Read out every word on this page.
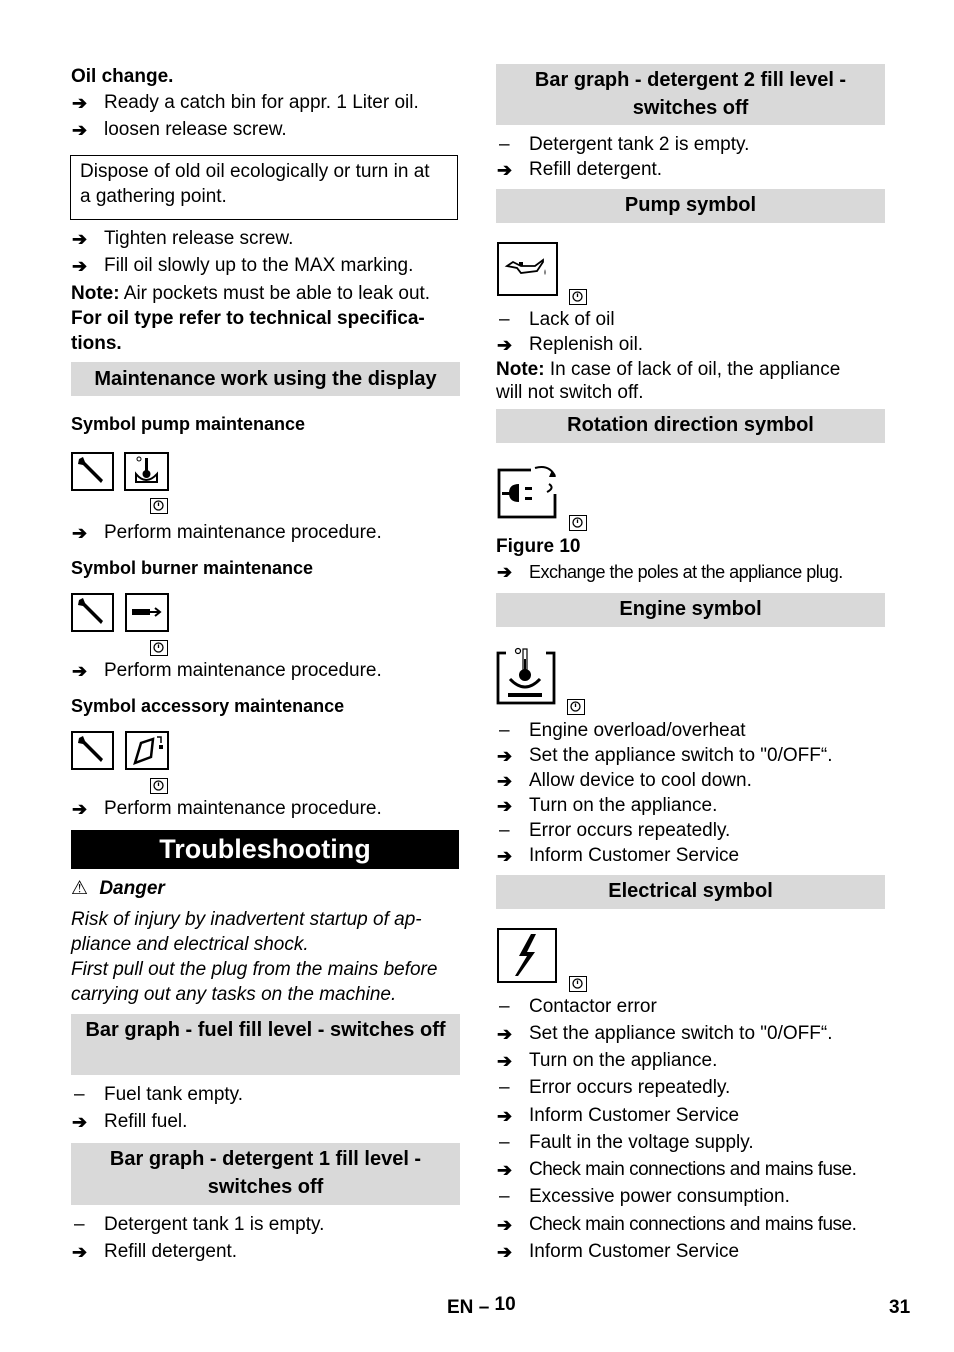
Oil change.
➔ Ready a catch bin for appr. 1 Liter oil.
➔ loosen release screw.
Dispose of old oil ecologically or turn in at
a gathering point.
➔ Tighten release screw.
➔ Fill oil slowly up to the MAX marking.
Note: Air pockets must be able to leak out.
For oil type refer to technical specifica-
tions.
Maintenance work using the display
Symbol pump maintenance
➔ Perform maintenance procedure.
Symbol burner maintenance
➔ Perform maintenance procedure.
Symbol accessory maintenance
➔ Perform maintenance procedure.
Troubleshooting
⚠ Danger
Risk of injury by inadvertent startup of ap-
pliance and electrical shock.
First pull out the plug from the mains before
carrying out any tasks on the machine.
Bar graph - fuel fill level - switches off
– Fuel tank empty.
➔ Refill fuel.
Bar graph - detergent 1 fill level - switches off
– Detergent tank 1 is empty.
➔ Refill detergent.
Bar graph - detergent 2 fill level - switches off
– Detergent tank 2 is empty.
➔ Refill detergent.
Pump symbol
– Lack of oil
➔ Replenish oil.
Note: In case of lack of oil, the appliance
will not switch off.
Rotation direction symbol
Figure 10
➔ Exchange the poles at the appliance plug.
Engine symbol
– Engine overload/overheat
➔ Set the appliance switch to "0/OFF“.
➔ Allow device to cool down.
➔ Turn on the appliance.
– Error occurs repeatedly.
➔ Inform Customer Service
Electrical symbol
– Contactor error
➔ Set the appliance switch to "0/OFF“.
➔ Turn on the appliance.
– Error occurs repeatedly.
➔ Inform Customer Service
– Fault in the voltage supply.
➔ Check main connections and mains fuse.
– Excessive power consumption.
➔ Check main connections and mains fuse.
➔ Inform Customer Service
EN – 10	31
